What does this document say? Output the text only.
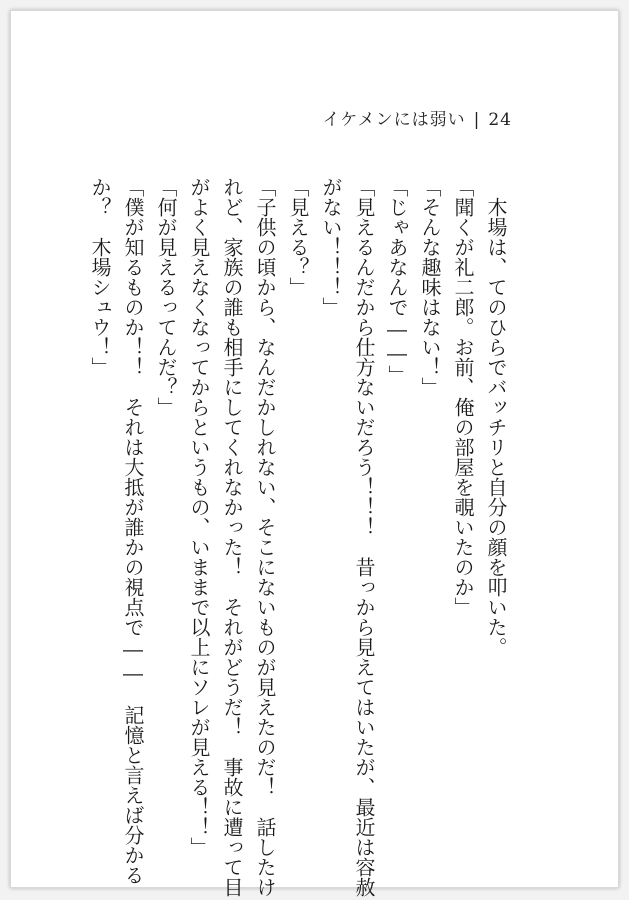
イケメンには弱い | 24
　木場は、てのひらでバッチリと自分の顔を叩いた。
「聞くが礼二郎。お前、俺の部屋を覗いたのか」
「そんな趣味はない！」
「じゃあなんで――」
「見えるんだから仕方ないだろう！！！　昔っから見えてはいたが、最近は容赦
がない！！！」
「見える？」
「子供の頃から、なんだかしれない、そこにないものが見えたのだ！　話したけ
れど、家族の誰も相手にしてくれなかった！　それがどうだ！　事故に遭って目
がよく見えなくなってからというもの、いままで以上にソレが見える！！」
「何が見えるってんだ？」
「僕が知るものか！！　それは大抵が誰かの視点で――　記憶と言えば分かる
か？　木場シュウ！」
